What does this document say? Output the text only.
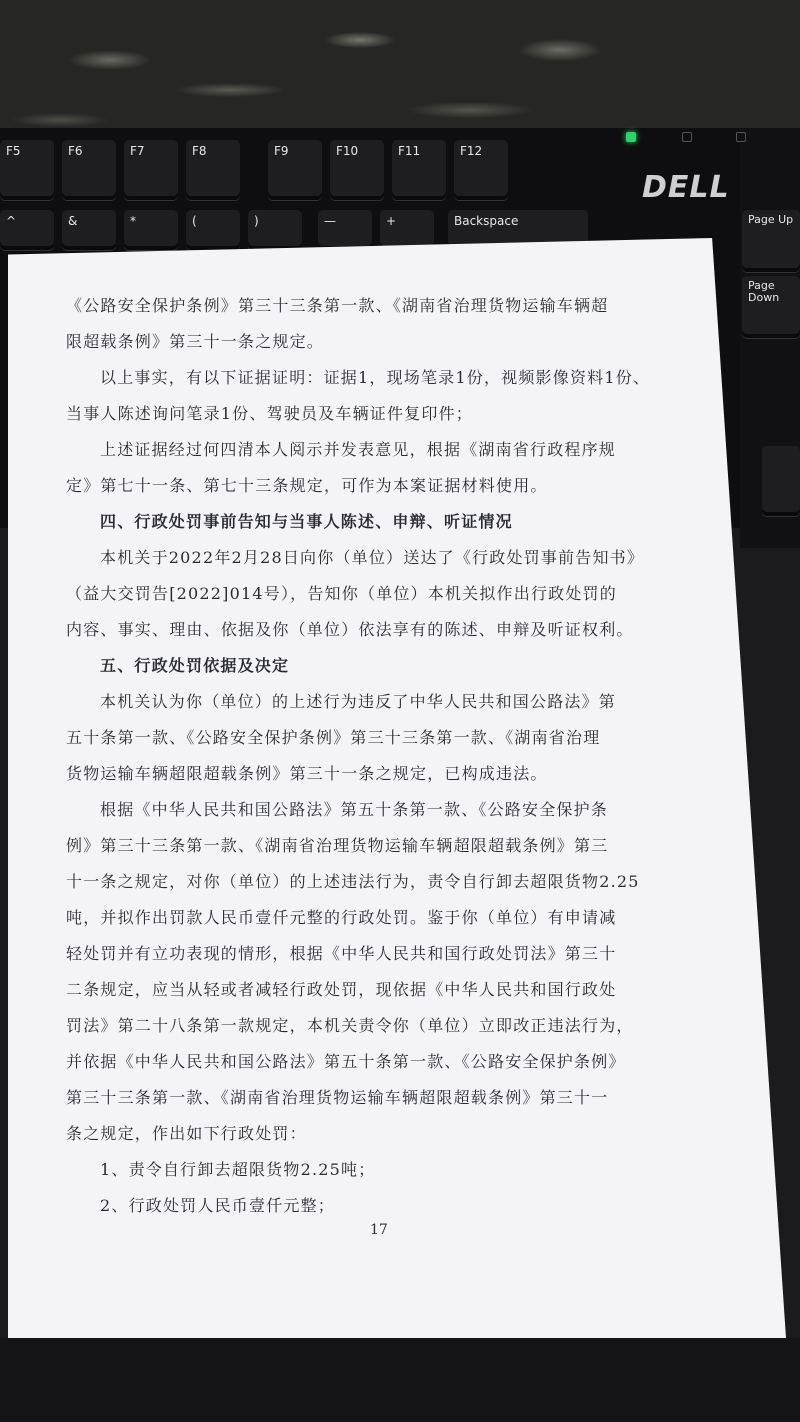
F5	F6	F7	F8	F9	F10	F11	F12
DELL
^	&	*	(	)	—	+	Backspace	Page Up
Page Down
《公路安全保护条例》第三十三条第一款、《湖南省治理货物运输车辆超
限超载条例》第三十一条之规定。
以上事实，有以下证据证明：证据1，现场笔录1份，视频影像资料1份、
当事人陈述询问笔录1份、驾驶员及车辆证件复印件；
上述证据经过何四清本人阅示并发表意见，根据《湖南省行政程序规
定》第七十一条、第七十三条规定，可作为本案证据材料使用。
四、行政处罚事前告知与当事人陈述、申辩、听证情况
本机关于2022年2月28日向你（单位）送达了《行政处罚事前告知书》
（益大交罚告[2022]014号），告知你（单位）本机关拟作出行政处罚的
内容、事实、理由、依据及你（单位）依法享有的陈述、申辩及听证权利。
五、行政处罚依据及决定
本机关认为你（单位）的上述行为违反了中华人民共和国公路法》第
五十条第一款、《公路安全保护条例》第三十三条第一款、《湖南省治理
货物运输车辆超限超载条例》第三十一条之规定，已构成违法。
根据《中华人民共和国公路法》第五十条第一款、《公路安全保护条
例》第三十三条第一款、《湖南省治理货物运输车辆超限超载条例》第三
十一条之规定，对你（单位）的上述违法行为，责令自行卸去超限货物2.25
吨，并拟作出罚款人民币壹仟元整的行政处罚。鉴于你（单位）有申请减
轻处罚并有立功表现的情形，根据《中华人民共和国行政处罚法》第三十
二条规定，应当从轻或者减轻行政处罚，现依据《中华人民共和国行政处
罚法》第二十八条第一款规定，本机关责令你（单位）立即改正违法行为，
并依据《中华人民共和国公路法》第五十条第一款、《公路安全保护条例》
第三十三条第一款、《湖南省治理货物运输车辆超限超载条例》第三十一
条之规定，作出如下行政处罚：
1、责令自行卸去超限货物2.25吨；
2、行政处罚人民币壹仟元整；
17
